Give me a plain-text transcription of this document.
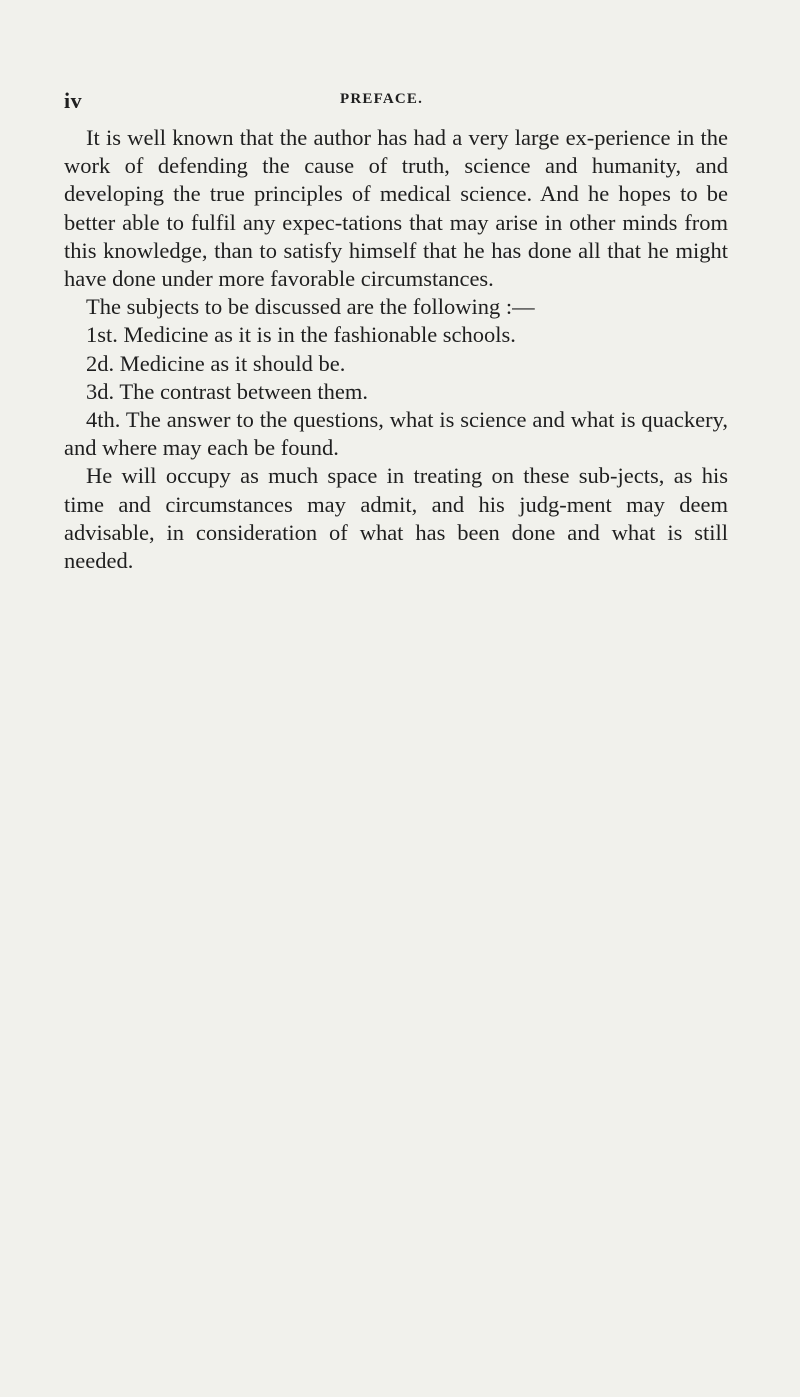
iv	PREFACE.

It is well known that the author has had a very large ex-perience in the work of defending the cause of truth, science and humanity, and developing the true principles of medical science. And he hopes to be better able to fulfil any expec-tations that may arise in other minds from this knowledge, than to satisfy himself that he has done all that he might have done under more favorable circumstances.

The subjects to be discussed are the following :—

1st. Medicine as it is in the fashionable schools.

2d. Medicine as it should be.

3d. The contrast between them.

4th. The answer to the questions, what is science and what is quackery, and where may each be found.

He will occupy as much space in treating on these sub-jects, as his time and circumstances may admit, and his judg-ment may deem advisable, in consideration of what has been done and what is still needed.
